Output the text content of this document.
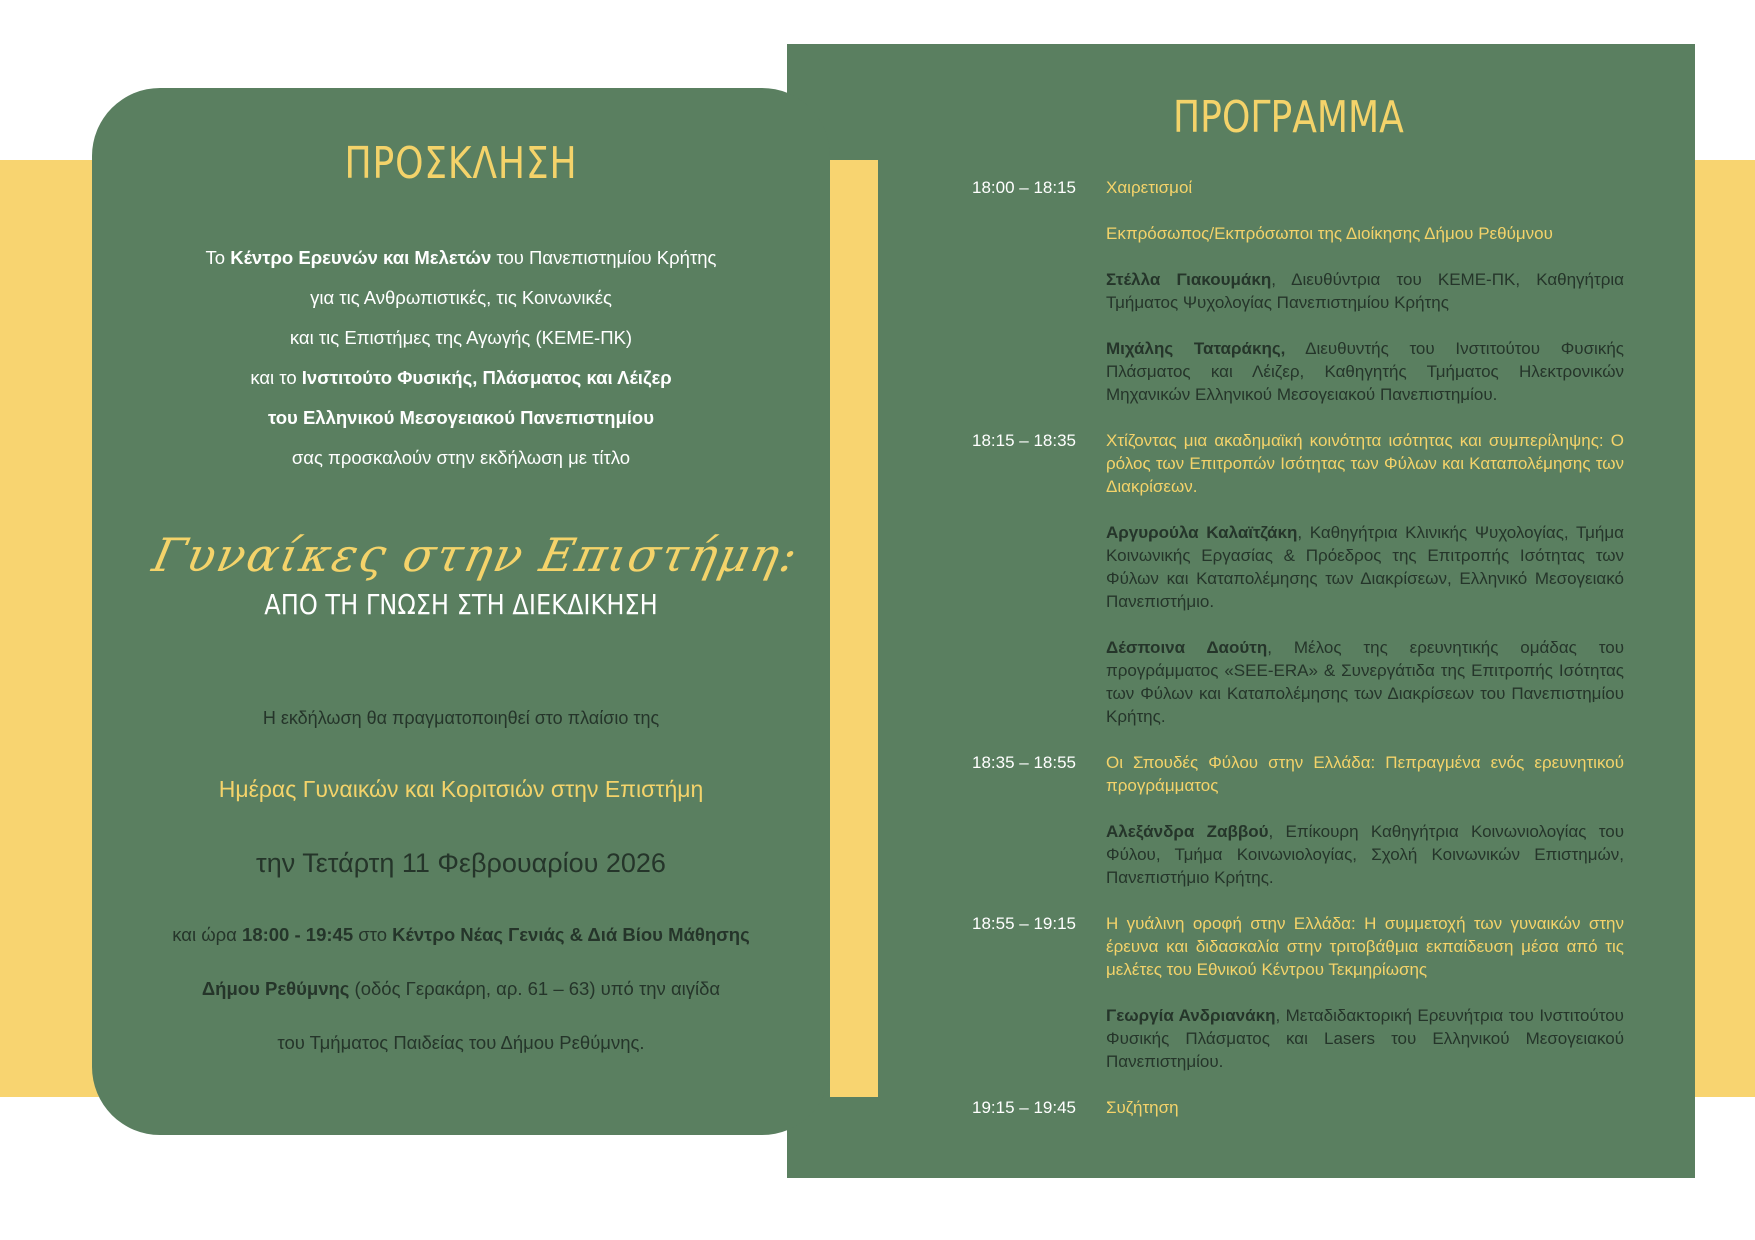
ΠΡΟΣΚΛΗΣΗ
Το Κέντρο Ερευνών και Μελετών του Πανεπιστημίου Κρήτης
για τις Ανθρωπιστικές, τις Κοινωνικές
και τις Επιστήμες της Αγωγής (ΚΕΜΕ-ΠΚ)
και το Ινστιτούτο Φυσικής, Πλάσματος και Λέιζερ
του Ελληνικού Μεσογειακού Πανεπιστημίου
σας προσκαλούν στην εκδήλωση με τίτλο
Γυναίκες στην Επιστήμη:
ΑΠΟ ΤΗ ΓΝΩΣΗ ΣΤΗ ΔΙΕΚΔΙΚΗΣΗ
Η εκδήλωση θα πραγματοποιηθεί στο πλαίσιο της
Ημέρας Γυναικών και Κοριτσιών στην Επιστήμη
την Τετάρτη 11 Φεβρουαρίου 2026
και ώρα 18:00 - 19:45 στο Κέντρο Νέας Γενιάς & Διά Βίου Μάθησης
Δήμου Ρεθύμνης (οδός Γερακάρη, αρ. 61 – 63) υπό την αιγίδα
του Τμήματος Παιδείας του Δήμου Ρεθύμνης.
ΠΡΟΓΡΑΜΜΑ
18:00 – 18:15	Χαιρετισμοί

Εκπρόσωπος/Εκπρόσωποι της Διοίκησης Δήμου Ρεθύμνου

Στέλλα Γιακουμάκη, Διευθύντρια του ΚΕΜΕ-ΠΚ, Καθηγήτρια Τμήματος Ψυχολογίας Πανεπιστημίου Κρήτης

Μιχάλης Ταταράκης, Διευθυντής του Ινστιτούτου Φυσικής Πλάσματος και Λέιζερ, Καθηγητής Τμήματος Ηλεκτρονικών Μηχανικών Ελληνικού Μεσογειακού Πανεπιστημίου.

18:15 – 18:35	Χτίζοντας μια ακαδημαϊκή κοινότητα ισότητας και συμπερίληψης: Ο ρόλος των Επιτροπών Ισότητας των Φύλων και Καταπολέμησης των Διακρίσεων.

Αργυρούλα Καλαϊτζάκη, Καθηγήτρια Κλινικής Ψυχολογίας, Τμήμα Κοινωνικής Εργασίας & Πρόεδρος της Επιτροπής Ισότητας των Φύλων και Καταπολέμησης των Διακρίσεων, Ελληνικό Μεσογειακό Πανεπιστήμιο.

Δέσποινα Δαούτη, Μέλος της ερευνητικής ομάδας του προγράμματος «SEE-ERA» & Συνεργάτιδα της Επιτροπής Ισότητας των Φύλων και Καταπολέμησης των Διακρίσεων του Πανεπιστημίου Κρήτης.

18:35 – 18:55	Οι Σπουδές Φύλου στην Ελλάδα: Πεπραγμένα ενός ερευνητικού προγράμματος

Αλεξάνδρα Ζαββού, Επίκουρη Καθηγήτρια Κοινωνιολογίας του Φύλου, Τμήμα Κοινωνιολογίας, Σχολή Κοινωνικών Επιστημών, Πανεπιστήμιο Κρήτης.

18:55 – 19:15	Η γυάλινη οροφή στην Ελλάδα: Η συμμετοχή των γυναικών στην έρευνα και διδασκαλία στην τριτοβάθμια εκπαίδευση μέσα από τις μελέτες του Εθνικού Κέντρου Τεκμηρίωσης

Γεωργία Ανδριανάκη, Μεταδιδακτορική Ερευνήτρια του Ινστιτούτου Φυσικής Πλάσματος και Lasers του Ελληνικού Μεσογειακού Πανεπιστημίου.

19:15 – 19:45	Συζήτηση
